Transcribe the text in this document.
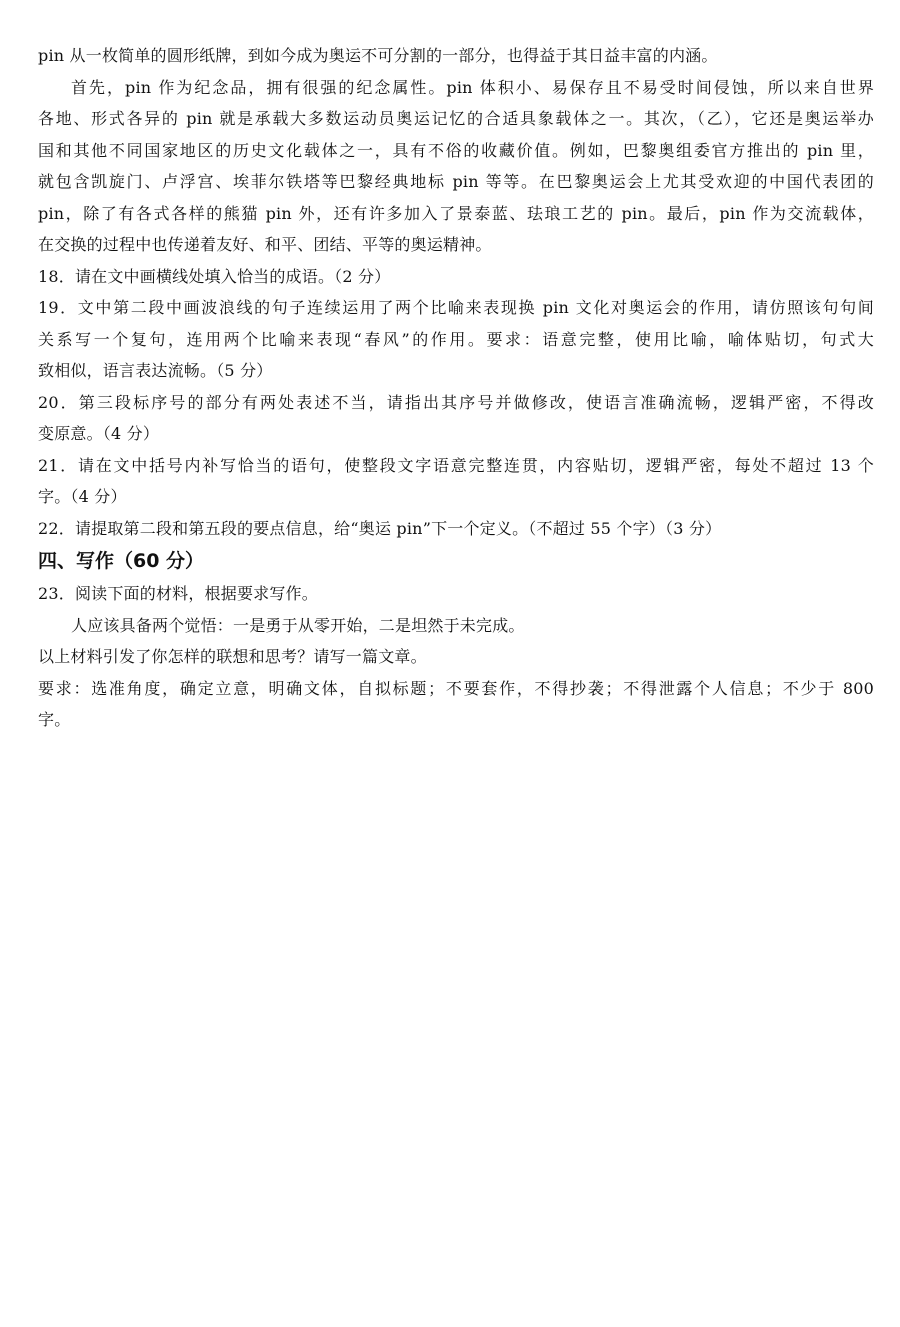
pin 从一枚简单的圆形纸牌，到如今成为奥运不可分割的一部分，也得益于其日益丰富的内涵。
首先，pin 作为纪念品，拥有很强的纪念属性。pin 体积小、易保存且不易受时间侵蚀，所以来自世界
各地、形式各异的 pin 就是承载大多数运动员奥运记忆的合适具象载体之一。其次，（乙），它还是奥运举办
国和其他不同国家地区的历史文化载体之一，具有不俗的收藏价值。例如，巴黎奥组委官方推出的 pin 里，
就包含凯旋门、卢浮宫、埃菲尔铁塔等巴黎经典地标 pin 等等。在巴黎奥运会上尤其受欢迎的中国代表团的
pin，除了有各式各样的熊猫 pin 外，还有许多加入了景泰蓝、珐琅工艺的 pin。最后，pin 作为交流载体，
在交换的过程中也传递着友好、和平、团结、平等的奥运精神。
18．请在文中画横线处填入恰当的成语。（2 分）
19．文中第二段中画波浪线的句子连续运用了两个比喻来表现换 pin 文化对奥运会的作用，请仿照该句句间
关系写一个复句，连用两个比喻来表现“春风”的作用。要求：语意完整，使用比喻，喻体贴切，句式大
致相似，语言表达流畅。（5 分）
20．第三段标序号的部分有两处表述不当，请指出其序号并做修改，使语言准确流畅，逻辑严密，不得改
变原意。（4 分）
21．请在文中括号内补写恰当的语句，使整段文字语意完整连贯，内容贴切，逻辑严密，每处不超过 13 个
字。（4 分）
22．请提取第二段和第五段的要点信息，给“奥运 pin”下一个定义。（不超过 55 个字）（3 分）
四、写作（60 分）
23．阅读下面的材料，根据要求写作。
人应该具备两个觉悟：一是勇于从零开始，二是坦然于未完成。
以上材料引发了你怎样的联想和思考？请写一篇文章。
要求：选准角度，确定立意，明确文体，自拟标题；不要套作，不得抄袭；不得泄露个人信息；不少于 800
字。
